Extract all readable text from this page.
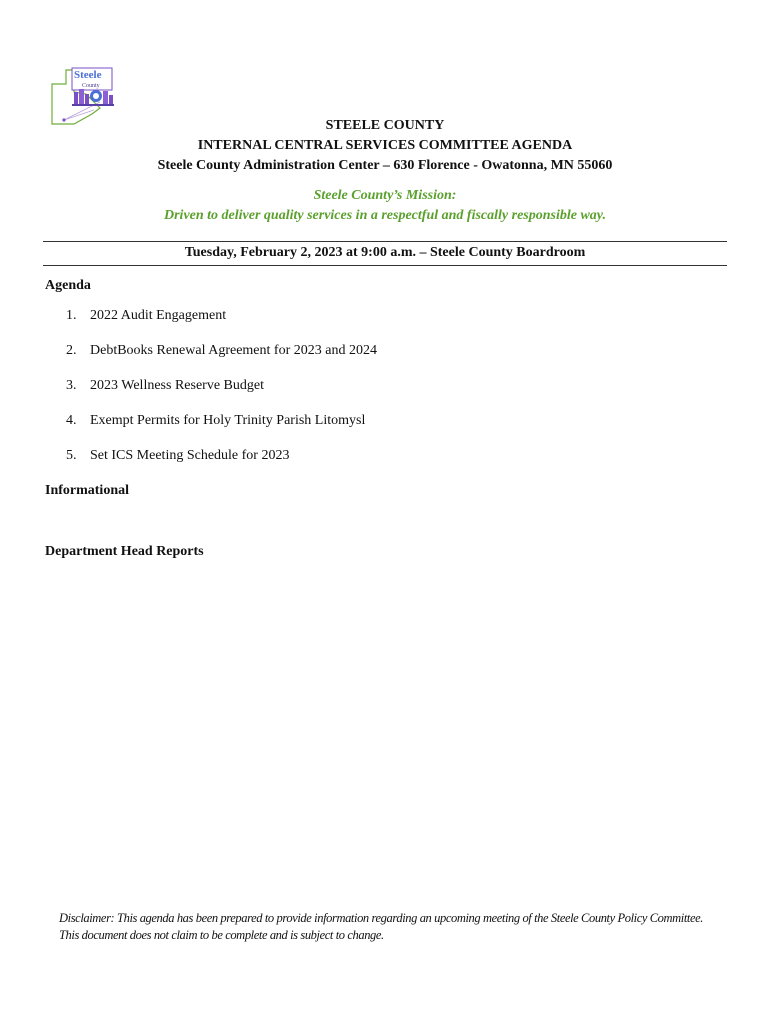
Steele
County

STEELE COUNTY

INTERNAL CENTRAL SERVICES COMMITTEE AGENDA

Steele County Administration Center – 630 Florence - Owatonna, MN 55060

Steele County’s Mission:
Driven to deliver quality services in a respectful and fiscally responsible way.
Tuesday, February 2, 2023 at 9:00 a.m. – Steele County Boardroom
Agenda
1. 2022 Audit Engagement
2. DebtBooks Renewal Agreement for 2023 and 2024
3. 2023 Wellness Reserve Budget
4. Exempt Permits for Holy Trinity Parish Litomysl
5. Set ICS Meeting Schedule for 2023
Informational
Department Head Reports
Disclaimer: This agenda has been prepared to provide information regarding an upcoming meeting of the Steele County Policy Committee.
This document does not claim to be complete and is subject to change.
